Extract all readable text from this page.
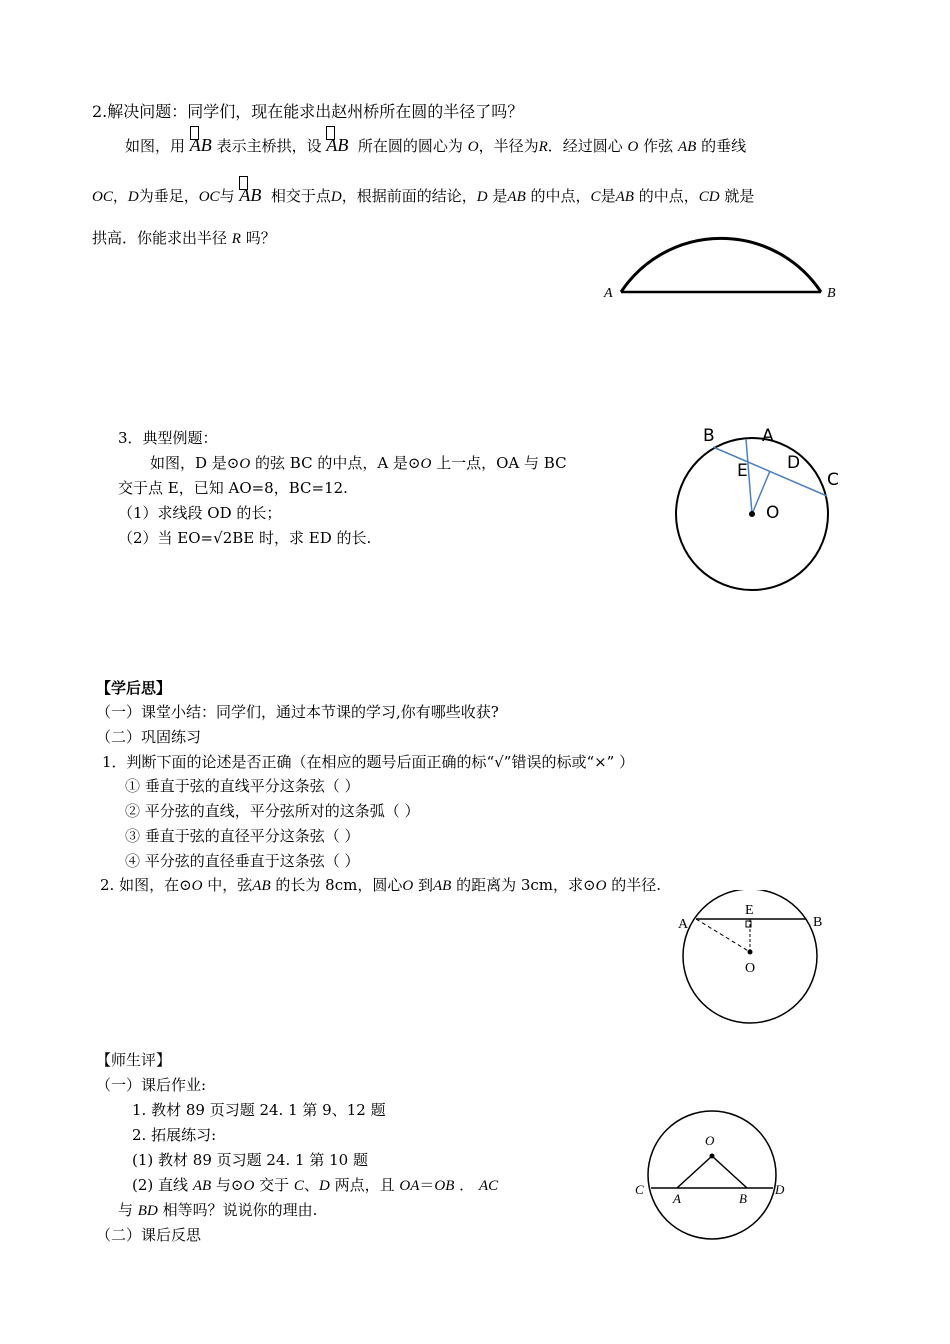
2.解决问题：同学们，现在能求出赵州桥所在圆的半径了吗？
如图，用 AB 表示主桥拱，设 AB 所在圆的圆心为 O，半径为R．经过圆心 O 作弦 AB 的垂线
OC，D为垂足，OC与 AB 相交于点D，根据前面的结论，D 是AB 的中点，C是AB 的中点，CD 就是
拱高．你能求出半径 R 吗？
A	B
3．典型例题：
如图，D 是⊙O 的弦 BC 的中点，A 是⊙O 上一点，OA 与 BC
交于点 E，已知 AO=8，BC=12.
（1）求线段 OD 的长；
（2）当 EO=√2BE 时，求 ED 的长.
B	A
E D
C
O
【学后思】
（一）课堂小结：同学们，通过本节课的学习,你有哪些收获?
（二）巩固练习
1．判断下面的论述是否正确（在相应的题号后面正确的标“√”错误的标或“×” ）
① 垂直于弦的直线平分这条弦（ ）
② 平分弦的直线，平分弦所对的这条弧（ ）
③ 垂直于弦的直径平分这条弦（ ）
④ 平分弦的直径垂直于这条弦（ ）
2. 如图，在⊙O 中，弦AB 的长为 8cm，圆心O 到AB 的距离为 3cm，求⊙O 的半径.
A
E
B
O
【师生评】
（一）课后作业:
1. 教材 89 页习题 24. 1 第 9、12 题
2. 拓展练习:
(1) 教材 89 页习题 24. 1 第 10 题
(2) 直线 AB 与⊙O 交于 C、D 两点，且 OA＝OB ． AC
与 BD 相等吗？说说你的理由.
（二）课后反思
O
C
A	B
D
